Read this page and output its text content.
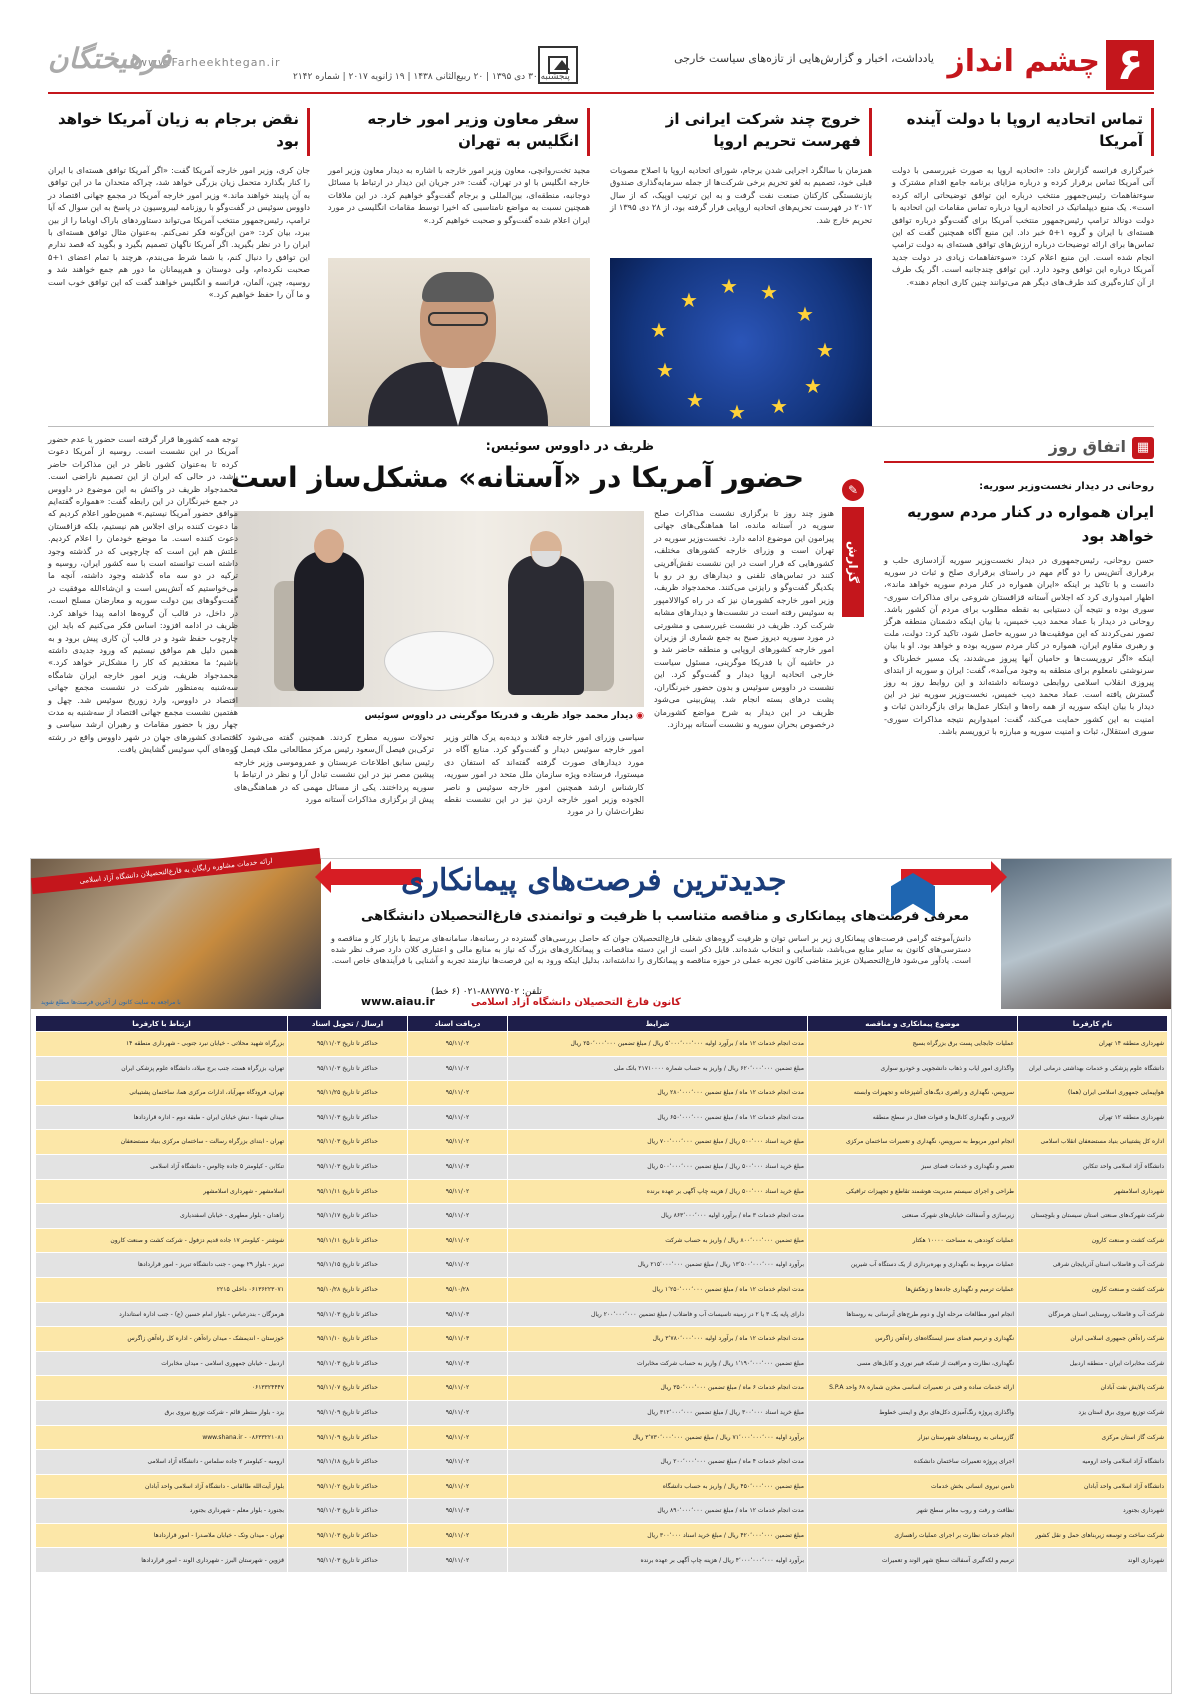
۶
چشم انداز
یادداشت، اخبار و گزارش‌هایی از تازه‌های سیاست خارجی
پنجشنبه ۳۰ دی ۱۳۹۵ | ۲۰ ربیع‌الثانی ۱۴۳۸ | ۱۹ ژانویه ۲۰۱۷ | شماره ۲۱۴۲
www.Farheekhtegan.ir
فرهیختگان
تماس اتحادیه اروپا با دولت آینده آمریکا
خبرگزاری فرانسه گزارش داد: «اتحادیه اروپا به صورت غیررسمی با دولت آتی آمریکا تماس برقرار کرده و درباره مزایای برنامه جامع اقدام مشترک و سوءتفاهمات رئیس‌جمهور منتخب درباره این توافق توضیحاتی ارائه کرده است». یک منبع دیپلماتیک در اتحادیه اروپا درباره تماس مقامات این اتحادیه با دولت دونالد ترامپ رئیس‌جمهور منتخب آمریکا برای گفت‌وگو درباره توافق هسته‌ای با ایران و گروه ۱+۵ خبر داد. این منبع آگاه همچنین گفت که این تماس‌ها برای ارائه توضیحات درباره ارزش‌های توافق هسته‌ای به دولت ترامپ انجام شده است. این منبع اعلام کرد: «سوءتفاهمات زیادی در دولت جدید آمریکا درباره این توافق وجود دارد. این توافق چندجانبه است. اگر یک طرف از آن کناره‌گیری کند طرف‌های دیگر هم می‌توانند چنین کاری انجام دهند».
خروج چند شرکت ایرانی از فهرست تحریم اروپا
همزمان با سالگرد اجرایی شدن برجام، شورای اتحادیه اروپا با اصلاح مصوبات قبلی خود، تصمیم به لغو تحریم برخی شرکت‌ها از جمله سرمایه‌گذاری صندوق بازنشستگی کارکنان صنعت نفت گرفت و به این ترتیب اوپیک، که از سال ۲۰۱۲ در فهرست تحریم‌های اتحادیه اروپایی قرار گرفته بود، از ۲۸ دی ۱۳۹۵ از تحریم خارج شد.
★
★
★ ★
★
★
★
★
★
★
★
سفر معاون وزیر امور خارجه انگلیس به تهران
مجید تخت‌روانچی، معاون وزیر امور خارجه با اشاره به دیدار معاون وزیر امور خارجه انگلیس با او در تهران، گفت: «در جریان این دیدار در ارتباط با مسائل دوجانبه، منطقه‌ای، بین‌المللی و برجام گفت‌وگو خواهیم کرد. در این ملاقات همچنین نسبت به مواضع نامناسبی که اخیرا توسط مقامات انگلیسی در مورد ایران اعلام شده گفت‌وگو و صحبت خواهیم کرد.»
نقض برجام به زیان آمریکا خواهد بود
جان کری، وزیر امور خارجه آمریکا گفت: «اگر آمریکا توافق هسته‌ای با ایران را کنار بگذارد متحمل زیان بزرگی خواهد شد، چراکه متحدان ما در این توافق به آن پایبند خواهند ماند.» وزیر امور خارجه آمریکا در مجمع جهانی اقتصاد در داووس سوئیس در گفت‌وگو با روزنامه لیبروسیون در پاسخ به این سوال که آیا ترامپ، رئیس‌جمهور منتخب آمریکا می‌تواند دستاوردهای باراک اوباما را از بین ببرد، بیان کرد: «من این‌گونه فکر نمی‌کنم. به‌عنوان مثال توافق هسته‌ای با ایران را در نظر بگیرید. اگر آمریکا ناگهان تصمیم بگیرد و بگوید که قصد ندارم این توافق را دنبال کنم، با شما شرط می‌بندم، هرچند با تمام اعضای ۱+۵ صحبت نکرده‌ام، ولی دوستان و هم‌پیمانان ما دور هم جمع خواهند شد و روسیه، چین، آلمان، فرانسه و انگلیس خواهند گفت که این توافق خوب است و ما آن را حفظ خواهیم کرد.»
▦
اتفاق روز
روحانی در دیدار نخست‌وزیر سوریه:
ایران همواره در کنار مردم سوریه خواهد بود
حسن روحانی، رئیس‌جمهوری در دیدار نخست‌وزیر سوریه آزادسازی حلب و برقراری آتش‌بس را دو گام مهم در راستای برقراری صلح و ثبات در سوریه دانست و با تاکید بر اینکه «ایران همواره در کنار مردم سوریه خواهد ماند»، اظهار امیدواری کرد که اجلاس آستانه قزاقستان شروعی برای مذاکرات سوری-سوری بوده و نتیجه آن دستیابی به نقطه مطلوب برای مردم آن کشور باشد. روحانی در دیدار با عماد محمد دیب خمیس، با بیان اینکه دشمنان منطقه هرگز تصور نمی‌کردند که این موفقیت‌ها در سوریه حاصل شود، تاکید کرد: دولت، ملت و رهبری مقاوم ایران، همواره در کنار مردم سوریه بوده و خواهد بود. او با بیان اینکه «اگر تروریست‌ها و حامیان آنها پیروز می‌شدند، یک مسیر خطرناک و سرنوشتی نامعلوم برای منطقه به وجود می‌آمد»، گفت: ایران و سوریه از ابتدای پیروزی انقلاب اسلامی روابطی دوستانه داشته‌اند و این روابط روز به روز گسترش یافته است. عماد محمد دیب خمیس، نخست‌وزیر سوریه نیز در این دیدار با بیان اینکه سوریه از همه راه‌ها و ابتکار عمل‌ها برای بازگرداندن ثبات و امنیت به این کشور حمایت می‌کند، گفت: امیدواریم نتیجه مذاکرات سوری-سوری استقلال، ثبات و امنیت سوریه و مبارزه با تروریسم باشد.
ظریف در داووس سوئیس:
حضور آمریکا در «آستانه» مشکل‌ساز است	✎
گزارش
هنوز چند روز تا برگزاری نشست مذاکرات صلح سوریه در آستانه مانده، اما هماهنگی‌های جهانی پیرامون این موضوع ادامه دارد. نخست‌وزیر سوریه در تهران است و وزرای خارجه کشورهای مختلف، کشورهایی که قرار است در این نشست نقش‌آفرینی کنند در تماس‌های تلفنی و دیدارهای رو در رو با یکدیگر گفت‌وگو و رایزنی می‌کنند. محمدجواد ظریف، وزیر امور خارجه کشورمان نیز که در راه کوالالامپور به سوئیس رفته است در نشست‌ها و دیدارهای مشابه شرکت کرد. ظریف در نشست غیررسمی و مشورتی در مورد سوریه دیروز صبح به جمع شماری از وزیران امور خارجه کشورهای اروپایی و منطقه حاضر شد و در حاشیه آن با فدریکا موگرینی، مسئول سیاست خارجی اتحادیه اروپا دیدار و گفت‌وگو کرد. این نشست در داووس سوئیس و بدون حضور خبرنگاران، پشت درهای بسته انجام شد. پیش‌بینی می‌شود ظریف در این دیدار به شرح مواضع کشورمان درخصوص بحران سوریه و نشست آستانه بپردازد.
◉ دیدار محمد جواد ظریف و فدریکا موگرینی در داووس سوئیس
سیاسی وزرای امور خارجه فنلاند و دیده‌به یرک هالتر وزیر امور خارجه سوئیس دیدار و گفت‌وگو کرد. منابع آگاه در مورد دیدارهای صورت گرفته گفته‌اند که استفان دی میستورا، فرستاده ویژه سازمان ملل متحد در امور سوریه، کارشناس ارشد همچنین امور خارجه سوئیس و ناصر الجوده وزیر امور خارجه اردن نیز در این نشست نقطه نظرات‌شان را در مورد
تحولات سوریه مطرح کردند. همچنین گفته می‌شود که ترکی‌بن فیصل آل‌سعود رئیس مرکز مطالعاتی ملک فیصل و رئیس سابق اطلاعات عربستان و عمروموسی وزیر خارجه پیشین مصر نیز در این نشست تبادل آرا و نظر در ارتباط با سوریه پرداختند. یکی از مسائل مهمی که در هماهنگی‌های پیش از برگزاری مذاکرات آستانه مورد
توجه همه کشورها قرار گرفته است حضور یا عدم حضور آمریکا در این نشست است. روسیه از آمریکا دعوت کرده تا به‌عنوان کشور ناظر در این مذاکرات حاضر باشد، در حالی که ایران از این تصمیم ناراضی است. محمدجواد ظریف در واکنش به این موضوع در داووس در جمع خبرنگاران در این رابطه گفت: «همواره گفته‌ایم موافق حضور آمریکا نیستیم.» همین‌طور اعلام کردیم که ما دعوت کننده برای اجلاس هم نیستیم، بلکه قزاقستان دعوت کننده است. ما موضع خودمان را اعلام کردیم. علتش هم این است که چارچوبی که در گذشته وجود داشته است توانسته است با سه کشور ایران، روسیه و ترکیه در دو سه ماه گذشته وجود داشته، آنچه ما می‌خواستیم که آتش‌بس است و ان‌شاءالله موفقیت در گفت‌وگوهای بین دولت سوریه و معارضان مسلح است، در داخل، در قالب آن گروه‌ها ادامه پیدا خواهد کرد. ظریف در ادامه افزود: اساس فکر می‌کنیم که باید این چارچوب حفظ شود و در قالب آن کاری پیش برود و به همین دلیل هم موافق نیستیم که ورود جدیدی داشته باشیم؛ ما معتقدیم که کار را مشکل‌تر خواهد کرد.» محمدجواد ظریف، وزیر امور خارجه ایران شامگاه سه‌شنبه به‌منظور شرکت در نشست مجمع جهانی اقتصاد در داووس، وارد زوریخ سوئیس شد. چهل و هفتمین نشست مجمع جهانی اقتصاد از سه‌شنبه به مدت چهار روز با حضور مقامات و رهبران ارشد سیاسی و اقتصادی کشورهای جهان در شهر داووس واقع در رشته کوه‌های آلپ سوئیس گشایش یافت.
ارائه خدمات مشاوره رایگان به فارغ‌التحصیلان دانشگاه آزاد اسلامی	جدیدترین فرصت‌های پیمانکاری
معرفی فرصت‌های پیمانکاری و مناقصه متناسب با ظرفیت و توانمندی فارغ‌التحصیلان دانشگاهی
دانش‌آموخته گرامی فرصت‌های پیمانکاری زیر بر اساس توان و ظرفیت گروه‌های شغلی فارغ‌التحصیلان جوان که حاصل بررسی‌های گسترده در رسانه‌ها، سامانه‌های مرتبط با بازار کار و مناقصه و دسترسی‌های کانون به سایر منابع می‌باشد، شناسایی و انتخاب شده‌اند. قابل ذکر است از این دسته مناقصات و پیمانکاری‌های بزرگ که نیاز به منابع مالی و اعتباری کلان دارد صرف نظر شده است. یادآور می‌شود فارغ‌التحصیلان عزیز متقاضی کانون تجربه عملی در حوزه مناقصه و پیمانکاری را نداشته‌اند، بدلیل اینکه ورود به این فرصت‌ها نیازمند تجربه و آشنایی با فرآیندهای خاص است.
تلفن: ۸۸۷۷۷۵۰۲-۰۲۱ (۶ خط)
کانون فارغ التحصیلان دانشگاه آزاد اسلامی
www.aiau.ir
با مراجعه به سایت کانون از آخرین فرصت‌ها مطلع شوید
نام کارفرما	موضوع پیمانکاری و مناقصه	شرایط	دریافت اسناد	ارسال / تحویل اسناد	ارتباط با کارفرما
شهرداری منطقه ۱۴ تهران	عملیات جابجایی پست برق بزرگراه بسیج	مدت انجام خدمات ۱۲ ماه / برآورد اولیه ۵٬۰۰۰٬۰۰۰٬۰۰۰ ریال / مبلغ تضمین ۲۵۰٬۰۰۰٬۰۰۰ ریال	۹۵/۱۱/۰۲	حداکثر تا تاریخ ۹۵/۱۱/۰۳	بزرگراه شهید محلاتی - خیابان نبرد جنوبی - شهرداری منطقه ۱۴
دانشگاه علوم پزشکی و خدمات بهداشتی درمانی ایران	واگذاری امور ایاب و ذهاب دانشجویی و خودرو سواری	مبلغ تضمین ۶۲۰٬۰۰۰٬۰۰۰ ریال / واریز به حساب شماره ۲۱۷۱۰۰۰۰ بانک ملی	۹۵/۱۱/۰۲	حداکثر تا تاریخ ۹۵/۱۱/۰۳	تهران، بزرگراه همت، جنب برج میلاد، دانشگاه علوم پزشکی ایران
هواپیمایی جمهوری اسلامی ایران (هما)	سرویس، نگهداری و راهبری دیگ‌های آشپزخانه و تجهیزات وابسته	مدت انجام خدمات ۱۲ ماه / مبلغ تضمین ۲۸۰٬۰۰۰٬۰۰۰ ریال	۹۵/۱۱/۰۲	حداکثر تا تاریخ ۹۵/۱۱/۲۵	تهران، فرودگاه مهرآباد، ادارات مرکزی هما، ساختمان پشتیبانی
شهرداری منطقه ۱۲ تهران	لایروبی و نگهداری کانال‌ها و قنوات فعال در سطح منطقه	مدت انجام خدمات ۱۲ ماه / مبلغ تضمین ۶۵۰٬۰۰۰٬۰۰۰ ریال	۹۵/۱۱/۰۲	حداکثر تا تاریخ ۹۵/۱۱/۰۳	میدان شهدا - نبش خیابان ایران - طبقه دوم - اداره قراردادها
اداره کل پشتیبانی بنیاد مستضعفان انقلاب اسلامی	انجام امور مربوط به سرویس، نگهداری و تعمیرات ساختمان مرکزی	مبلغ خرید اسناد ۵۰۰٬۰۰۰ ریال / مبلغ تضمین ۷۰۰٬۰۰۰٬۰۰۰ ریال	۹۵/۱۱/۰۲	حداکثر تا تاریخ ۹۵/۱۱/۰۳	تهران - ابتدای بزرگراه رسالت - ساختمان مرکزی بنیاد مستضعفان
دانشگاه آزاد اسلامی واحد تنکابن	تعمیر و نگهداری و خدمات فضای سبز	مبلغ خرید اسناد ۵۰۰٬۰۰۰ ریال / مبلغ تضمین ۵۰۰٬۰۰۰٬۰۰۰ ریال	۹۵/۱۱/۰۳	حداکثر تا تاریخ ۹۵/۱۱/۰۳	تنکابن - کیلومتر ۵ جاده چالوس - دانشگاه آزاد اسلامی
شهرداری اسلامشهر	طراحی و اجرای سیستم مدیریت هوشمند تقاطع و تجهیزات ترافیکی	مبلغ خرید اسناد ۵۰۰٬۰۰۰ ریال / هزینه چاپ آگهی بر عهده برنده	۹۵/۱۱/۰۲	حداکثر تا تاریخ ۹۵/۱۱/۱۱	اسلامشهر - شهرداری اسلامشهر
شرکت شهرک‌های صنعتی استان سیستان و بلوچستان	زیرسازی و آسفالت خیابان‌های شهرک صنعتی	مدت انجام خدمات ۳ ماه / برآورد اولیه ۸۶۳٬۰۰۰٬۰۰۰ ریال	۹۵/۱۱/۰۲	حداکثر تا تاریخ ۹۵/۱۱/۱۷	زاهدان - بلوار مطهری - خیابان اسفندیاری
شرکت کشت و صنعت کارون	عملیات کوددهی به مساحت ۱۰۰۰۰ هکتار	مبلغ تضمین ۸۰۰٬۰۰۰٬۰۰۰ ریال / واریز به حساب شرکت	۹۵/۱۱/۰۲	حداکثر تا تاریخ ۹۵/۱۱/۱۱	شوشتر - کیلومتر ۱۷ جاده قدیم دزفول - شرکت کشت و صنعت کارون
شرکت آب و فاضلاب استان آذربایجان شرقی	عملیات مربوط به نگهداری و بهره‌برداری از یک دستگاه آب شیرین	برآورد اولیه ۱۳٬۵۰۰٬۰۰۰٬۰۰۰ ریال / مبلغ تضمین ۲۱۵٬۰۰۰٬۰۰۰ ریال	۹۵/۱۱/۰۲	حداکثر تا تاریخ ۹۵/۱۱/۱۵	تبریز - بلوار ۲۹ بهمن - جنب دانشگاه تبریز - امور قراردادها
شرکت کشت و صنعت کارون	عملیات ترمیم و نگهداری جاده‌ها و زهکش‌ها	مدت انجام خدمات ۱۲ ماه / مبلغ تضمین ۱٬۲۵۰٬۰۰۰٬۰۰۰ ریال	۹۵/۱۰/۲۸	حداکثر تا تاریخ ۹۵/۱۰/۲۸	۰۶۱۳۶۲۲۳۰۷۱ داخلی ۲۲۱۵
شرکت آب و فاضلاب روستایی استان هرمزگان	انجام امور مطالعات مرحله اول و دوم طرح‌های آبرسانی به روستاها	دارای پایه یک ۳ یا ۲ در زمینه تاسیسات آب و فاضلاب / مبلغ تضمین ۲۰۰٬۰۰۰٬۰۰۰ ریال	۹۵/۱۱/۰۳	حداکثر تا تاریخ ۹۵/۱۱/۰۳	هرمزگان - بندرعباس - بلوار امام حسین (ع) - جنب اداره استاندارد
شرکت راه‌آهن جمهوری اسلامی ایران	نگهداری و ترمیم فضای سبز ایستگاه‌های راه‌آهن زاگرس	مدت انجام خدمات ۱۲ ماه / برآورد اولیه ۳٬۷۸۰٬۰۰۰٬۰۰۰ ریال	۹۵/۱۱/۰۳	حداکثر تا تاریخ ۹۵/۱۱/۱۰	خوزستان - اندیمشک - میدان راه‌آهن - اداره کل راه‌آهن زاگرس
شرکت مخابرات ایران - منطقه اردبیل	نگهداری، نظارت و مراقبت از شبکه فیبر نوری و کابل‌های مسی	مبلغ تضمین ۱٬۱۹۰٬۰۰۰٬۰۰۰ ریال / واریز به حساب شرکت مخابرات	۹۵/۱۱/۰۳	حداکثر تا تاریخ ۹۵/۱۱/۰۳	اردبیل - خیابان جمهوری اسلامی - میدان مخابرات
شرکت پالایش نفت آبادان	ارائه خدمات ساده و فنی در تعمیرات اساسی مخزن شماره ۶۸ واحد S.P.A	مدت انجام خدمات ۶ ماه / مبلغ تضمین ۳۵۰٬۰۰۰٬۰۰۰ ریال	۹۵/۱۱/۰۲	حداکثر تا تاریخ ۹۵/۱۱/۰۷	۰۶۱۳۳۲۴۴۴۷
شرکت توزیع نیروی برق استان یزد	واگذاری پروژه رنگ‌آمیزی دکل‌های برق و ایمنی خطوط	مبلغ خرید اسناد ۳۰۰٬۰۰۰ ریال / مبلغ تضمین ۳۱۲٬۰۰۰٬۰۰۰ ریال	۹۵/۱۱/۰۲	حداکثر تا تاریخ ۹۵/۱۱/۰۹	یزد - بلوار منتظر قائم - شرکت توزیع نیروی برق
شرکت گاز استان مرکزی	گازرسانی به روستاهای شهرستان نیزار	برآورد اولیه ۷۱٬۰۰۰٬۰۰۰٬۰۰۰ ریال / مبلغ تضمین ۳٬۷۳۰٬۰۰۰٬۰۰۰ ریال	۹۵/۱۱/۰۲	حداکثر تا تاریخ ۹۵/۱۱/۰۹	۰۸۶۳۳۲۲۱۰۸۱ - www.shana.ir
دانشگاه آزاد اسلامی واحد ارومیه	اجرای پروژه تعمیرات ساختمان دانشکده	مدت انجام خدمات ۴ ماه / مبلغ تضمین ۲۰۰٬۰۰۰٬۰۰۰ ریال	۹۵/۱۱/۰۲	حداکثر تا تاریخ ۹۵/۱۱/۱۸	ارومیه - کیلومتر ۲ جاده سلماس - دانشگاه آزاد اسلامی
دانشگاه آزاد اسلامی واحد آبادان	تامین نیروی انسانی بخش خدمات	مبلغ تضمین ۴۵۰٬۰۰۰٬۰۰۰ ریال / واریز به حساب دانشگاه	۹۵/۱۱/۰۲	حداکثر تا تاریخ ۹۵/۱۱/۰۲	بلوار آیت‌الله طالقانی - دانشگاه آزاد اسلامی واحد آبادان
شهرداری بجنورد	نظافت و رفت و روب معابر سطح شهر	مدت انجام خدمات ۱۲ ماه / مبلغ تضمین ۸۹۰٬۰۰۰٬۰۰۰ ریال	۹۵/۱۱/۰۳	حداکثر تا تاریخ ۹۵/۱۱/۰۳	بجنورد - بلوار معلم - شهرداری بجنورد
شرکت ساخت و توسعه زیربناهای حمل و نقل کشور	انجام خدمات نظارت بر اجرای عملیات راهسازی	مبلغ تضمین ۴۲۰٬۰۰۰٬۰۰۰ ریال / مبلغ خرید اسناد ۳۰۰٬۰۰۰ ریال	۹۵/۱۱/۰۲	حداکثر تا تاریخ ۹۵/۱۱/۰۳	تهران - میدان ونک - خیابان ملاصدرا - امور قراردادها
شهرداری الوند	ترمیم و لکه‌گیری آسفالت سطح شهر الوند و تعمیرات	برآورد اولیه ۴٬۰۰۰٬۰۰۰٬۰۰۰ ریال / هزینه چاپ آگهی بر عهده برنده	۹۵/۱۱/۰۲	حداکثر تا تاریخ ۹۵/۱۱/۰۳	قزوین - شهرستان البرز - شهرداری الوند - امور قراردادها
